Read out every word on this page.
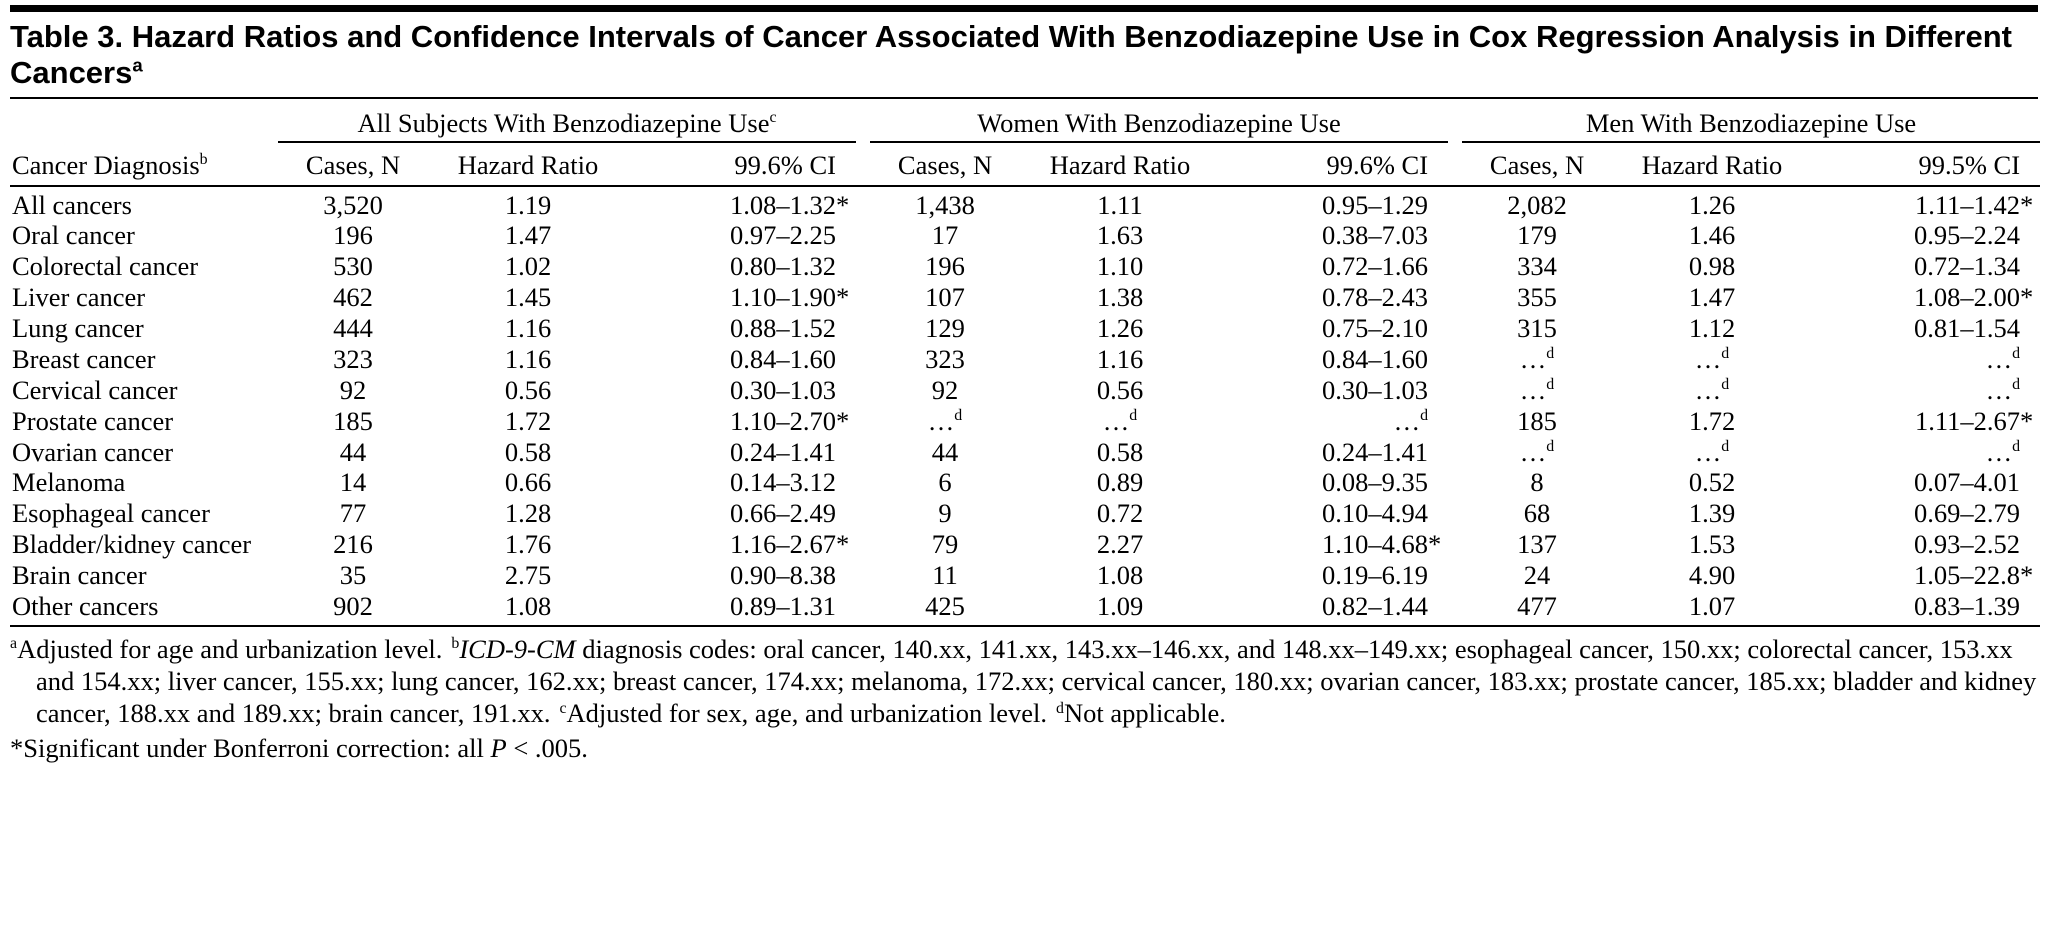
Table 3. Hazard Ratios and Confidence Intervals of Cancer Associated With Benzodiazepine Use in Cox Regression Analysis in Different Cancers$^a$
	All Subjects With Benzodiazepine Use$^c$				Women With Benzodiazepine Use				Men With Benzodiazepine Use		
Cancer Diagnosis$^b$	Cases, N	Hazard Ratio	99.6% CI		Cases, N	Hazard Ratio	99.6% CI		Cases, N	Hazard Ratio	99.5% CI
All cancers	3,520	1.19	1.08–1.32*		1,438	1.11	0.95–1.29		2,082	1.26	1.11–1.42*
Oral cancer	196	1.47	0.97–2.25		17	1.63	0.38–7.03		179	1.46	0.95–2.24
Colorectal cancer	530	1.02	0.80–1.32		196	1.10	0.72–1.66		334	0.98	0.72–1.34
Liver cancer	462	1.45	1.10–1.90*		107	1.38	0.78–2.43		355	1.47	1.08–2.00*
Lung cancer	444	1.16	0.88–1.52		129	1.26	0.75–2.10		315	1.12	0.81–1.54
Breast cancer	323	1.16	0.84–1.60		323	1.16	0.84–1.60		…$^d$	…$^d$	…$^d$
Cervical cancer	92	0.56	0.30–1.03		92	0.56	0.30–1.03		…$^d$	…$^d$	…$^d$
Prostate cancer	185	1.72	1.10–2.70*		…$^d$	…$^d$	…$^d$		185	1.72	1.11–2.67*
Ovarian cancer	44	0.58	0.24–1.41		44	0.58	0.24–1.41		…$^d$	…$^d$	…$^d$
Melanoma	14	0.66	0.14–3.12		6	0.89	0.08–9.35		8	0.52	0.07–4.01
Esophageal cancer	77	1.28	0.66–2.49		9	0.72	0.10–4.94		68	1.39	0.69–2.79
Bladder/kidney cancer	216	1.76	1.16–2.67*		79	2.27	1.10–4.68*		137	1.53	0.93–2.52
Brain cancer	35	2.75	0.90–8.38		11	1.08	0.19–6.19		24	4.90	1.05–22.8*
Other cancers	902	1.08	0.89–1.31		425	1.09	0.82–1.44		477	1.07	0.83–1.39

$^a$Adjusted for age and urbanization level. $^b$ICD-9-CM diagnosis codes: oral cancer, 140.xx, 141.xx, 143.xx–146.xx, and 148.xx–149.xx; esophageal cancer, 150.xx; colorectal cancer, 153.xx and 154.xx; liver cancer, 155.xx; lung cancer, 162.xx; breast cancer, 174.xx; melanoma, 172.xx; cervical cancer, 180.xx; ovarian cancer, 183.xx; prostate cancer, 185.xx; bladder and kidney cancer, 188.xx and 189.xx; brain cancer, 191.xx. $^c$Adjusted for sex, age, and urbanization level. $^d$Not applicable.

*Significant under Bonferroni correction: all P < .005.
